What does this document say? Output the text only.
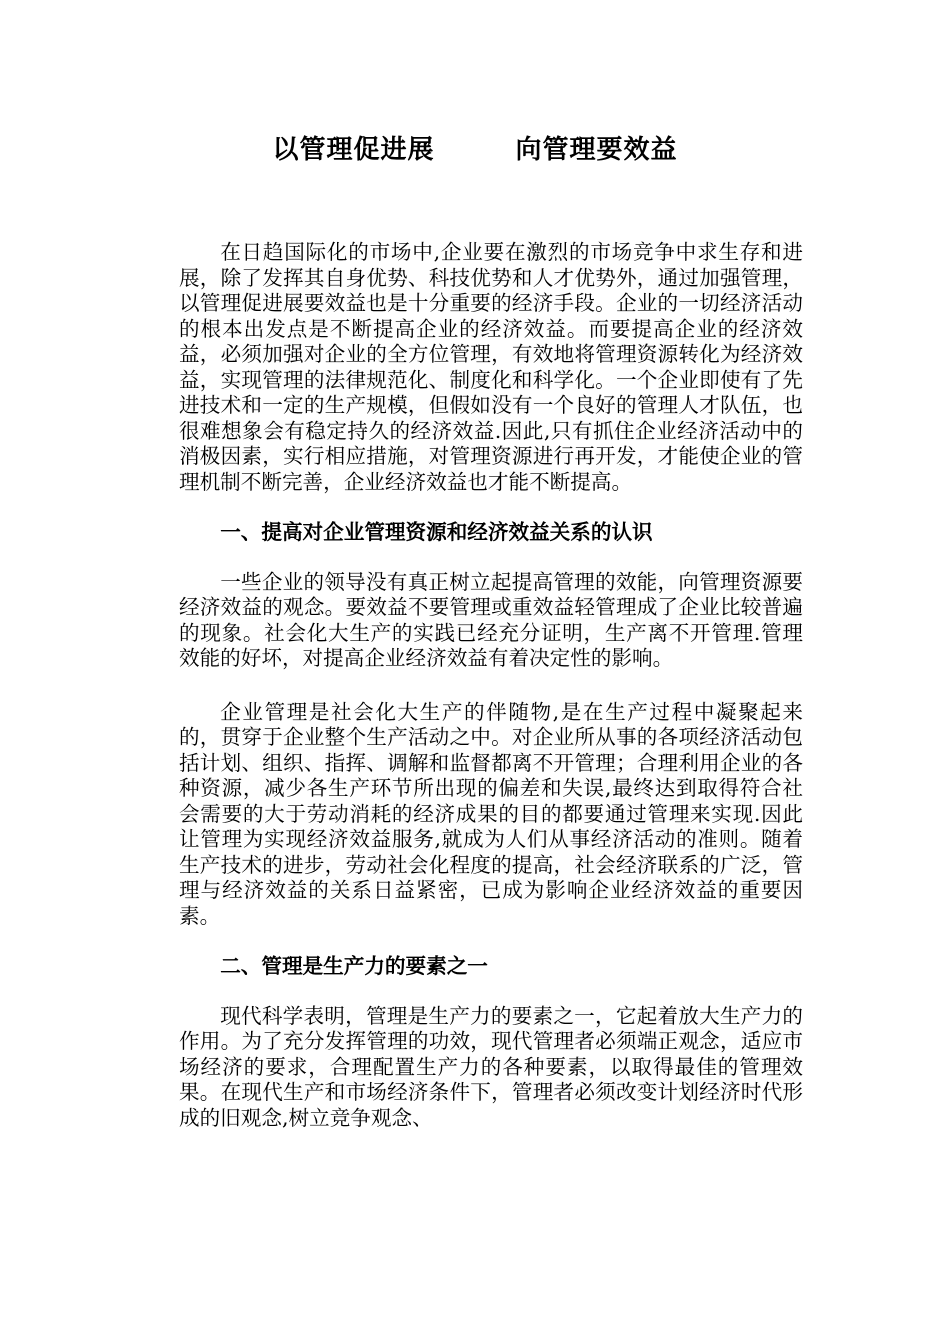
以管理促进展　　　向管理要效益

在日趋国际化的市场中,企业要在激烈的市场竞争中求生存和进展，除了发挥其自身优势、科技优势和人才优势外，通过加强管理，以管理促进展要效益也是十分重要的经济手段。企业的一切经济活动的根本出发点是不断提高企业的经济效益。而要提高企业的经济效益，必须加强对企业的全方位管理，有效地将管理资源转化为经济效益，实现管理的法律规范化、制度化和科学化。一个企业即使有了先进技术和一定的生产规模，但假如没有一个良好的管理人才队伍，也很难想象会有稳定持久的经济效益.因此,只有抓住企业经济活动中的消极因素，实行相应措施，对管理资源进行再开发，才能使企业的管理机制不断完善，企业经济效益也才能不断提高。

一、提高对企业管理资源和经济效益关系的认识

一些企业的领导没有真正树立起提高管理的效能，向管理资源要经济效益的观念。要效益不要管理或重效益轻管理成了企业比较普遍的现象。社会化大生产的实践已经充分证明，生产离不开管理.管理效能的好坏，对提高企业经济效益有着决定性的影响。

企业管理是社会化大生产的伴随物,是在生产过程中凝聚起来的，贯穿于企业整个生产活动之中。对企业所从事的各项经济活动包括计划、组织、指挥、调解和监督都离不开管理；合理利用企业的各种资源，减少各生产环节所出现的偏差和失误,最终达到取得符合社会需要的大于劳动消耗的经济成果的目的都要通过管理来实现.因此让管理为实现经济效益服务,就成为人们从事经济活动的准则。随着生产技术的进步，劳动社会化程度的提高，社会经济联系的广泛，管理与经济效益的关系日益紧密，已成为影响企业经济效益的重要因素。

二、管理是生产力的要素之一

现代科学表明，管理是生产力的要素之一，它起着放大生产力的作用。为了充分发挥管理的功效，现代管理者必须端正观念，适应市场经济的要求，合理配置生产力的各种要素，以取得最佳的管理效果。在现代生产和市场经济条件下，管理者必须改变计划经济时代形成的旧观念,树立竞争观念、
